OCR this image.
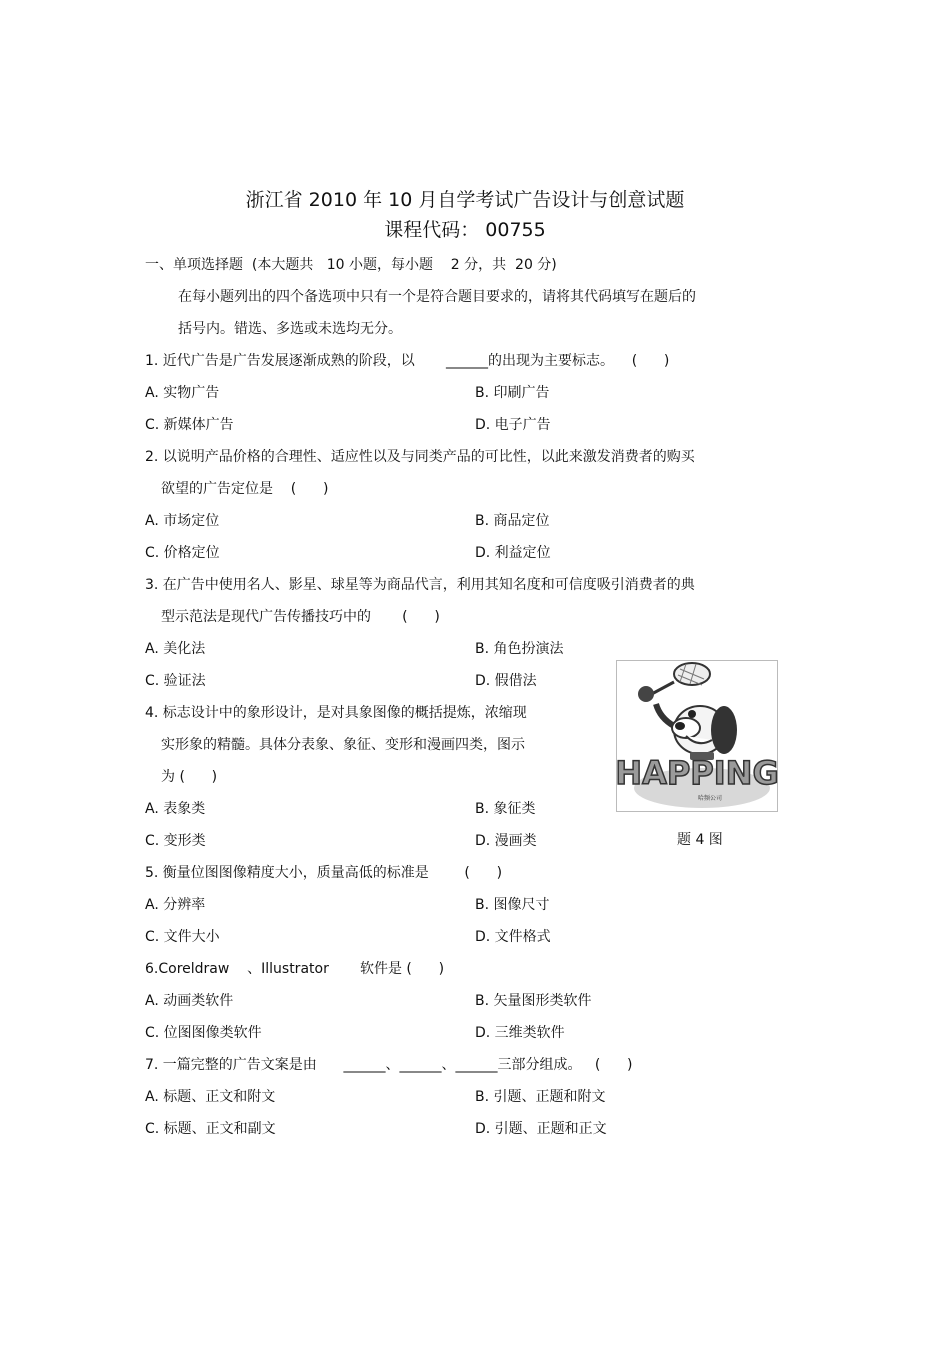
浙江省 2010 年 10 月自学考试广告设计与创意试题
课程代码： 00755
一、单项选择题  (本大题共   10 小题，每小题    2 分，共  20 分)
在每小题列出的四个备选项中只有一个是符合题目要求的，请将其代码填写在题后的
括号内。错选、多选或未选均无分。
1. 近代广告是广告发展逐渐成熟的阶段，以       ______的出现为主要标志。    (      )
A. 实物广告	B. 印刷广告
C. 新媒体广告	D. 电子广告
2. 以说明产品价格的合理性、适应性以及与同类产品的可比性，以此来激发消费者的购买
欲望的广告定位是    (      )
A. 市场定位	B. 商品定位
C. 价格定位	D. 利益定位
3. 在广告中使用名人、影星、球星等为商品代言，利用其知名度和可信度吸引消费者的典
型示范法是现代广告传播技巧中的       (      )
A. 美化法	B. 角色扮演法
C. 验证法	D. 假借法
4. 标志设计中的象形设计，是对具象图像的概括提炼，浓缩现
实形象的精髓。具体分表象、象征、变形和漫画四类，图示
为 (      )
A. 表象类	B. 象征类
C. 变形类	D. 漫画类
HAPPING
哈频公司
题 4 图
5. 衡量位图图像精度大小，质量高低的标准是        (      )
A. 分辨率	B. 图像尺寸
C. 文件大小	D. 文件格式
6.Coreldraw    、Illustrator       软件是 (      )
A. 动画类软件	B. 矢量图形类软件
C. 位图图像类软件	D. 三维类软件
7. 一篇完整的广告文案是由      ______、______、______三部分组成。   (      )
A. 标题、正文和附文	B. 引题、正题和附文
C. 标题、正文和副文	D. 引题、正题和正文
